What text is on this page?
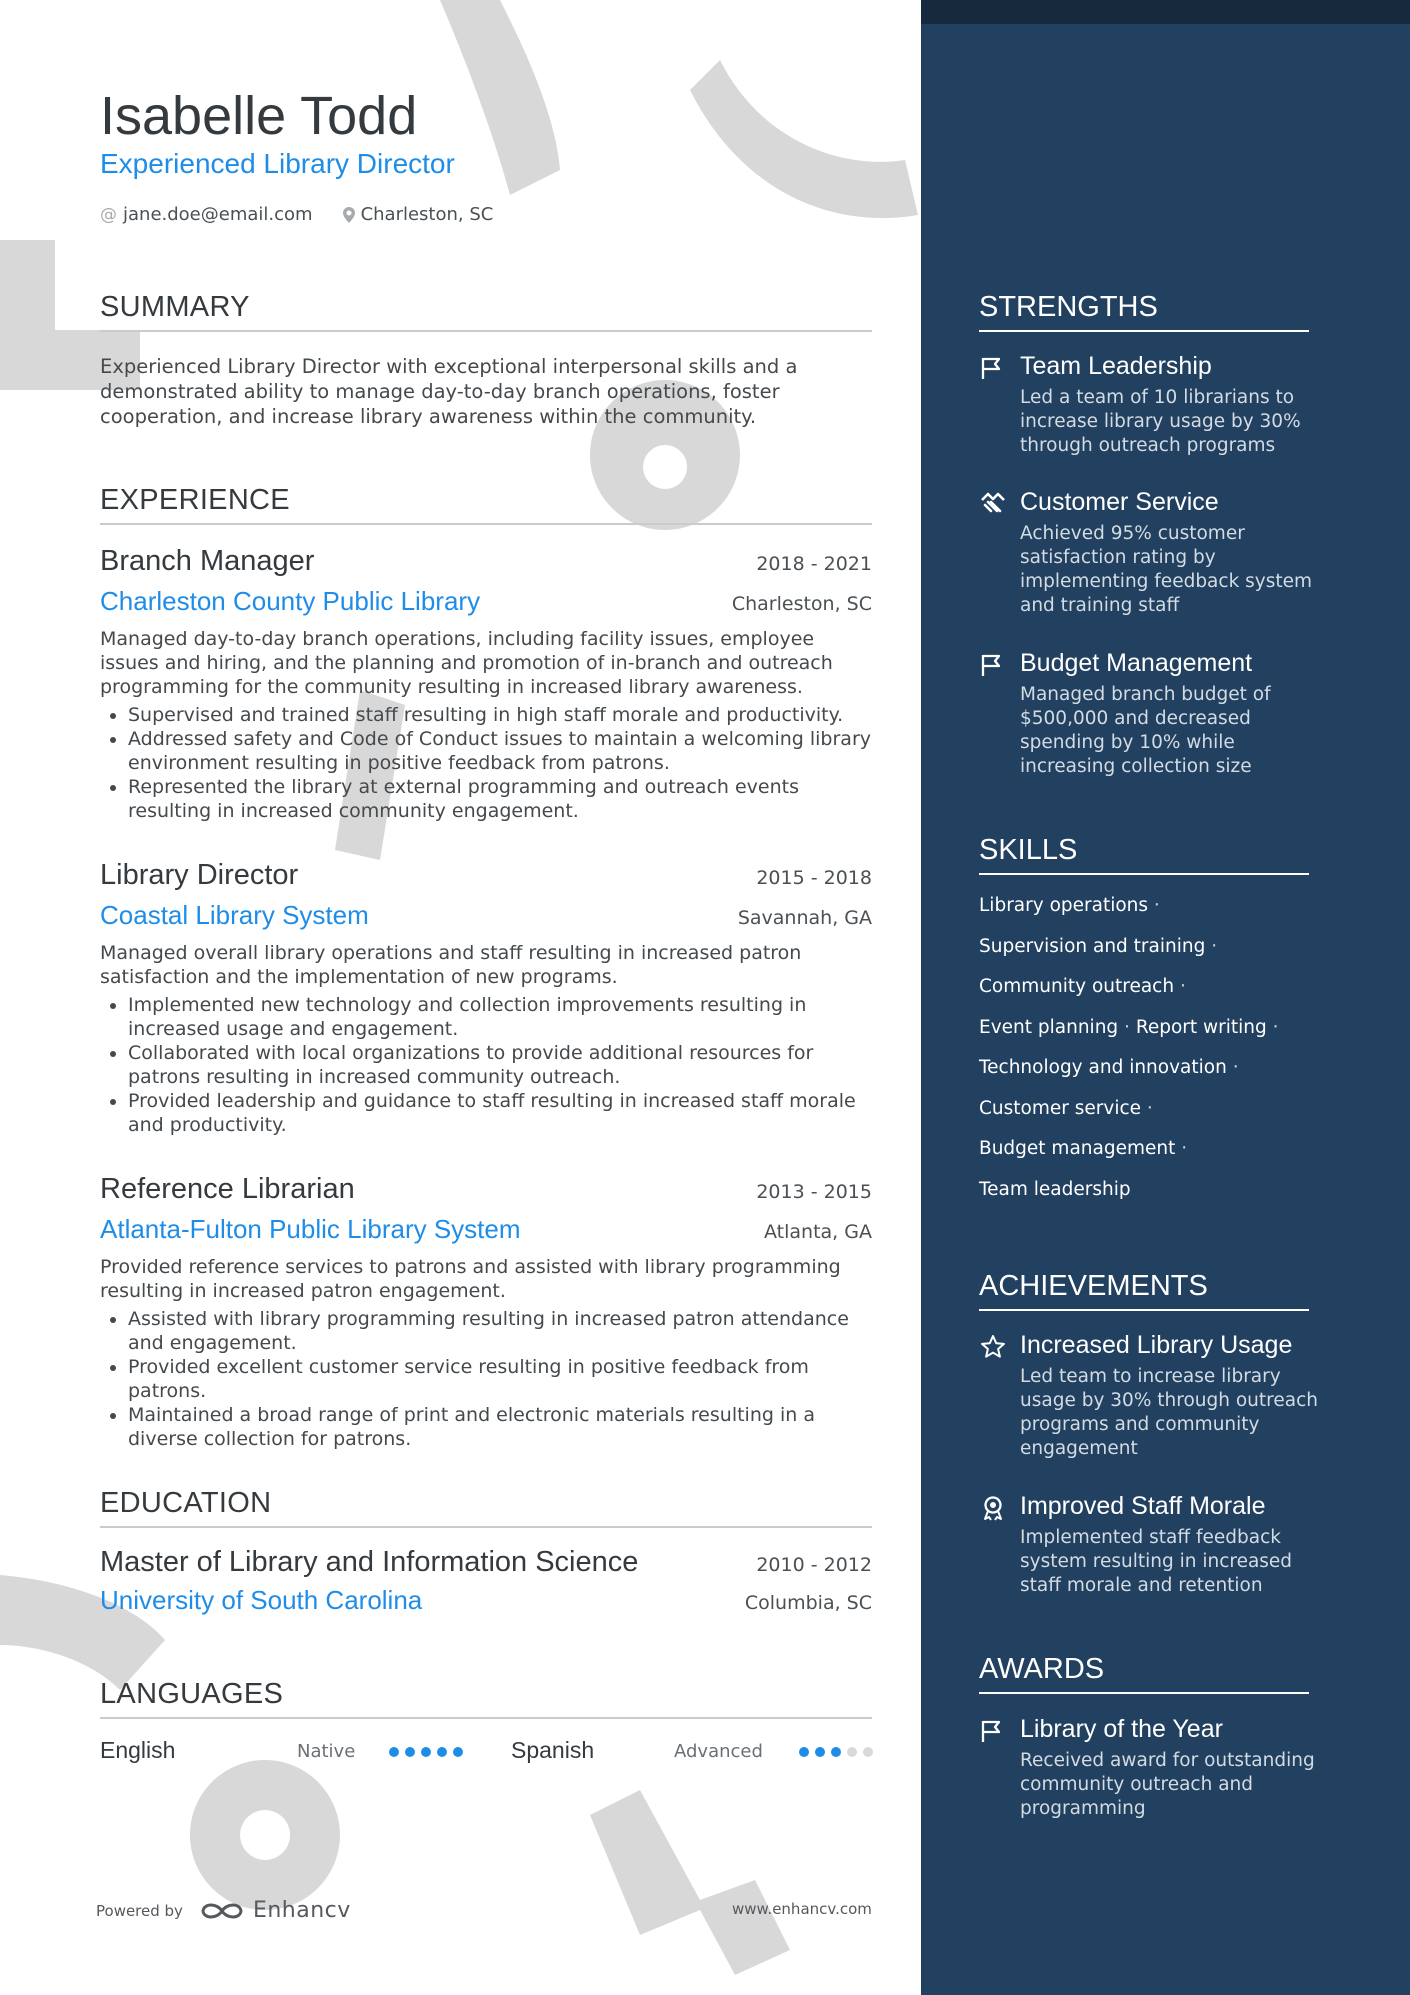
Isabelle Todd
Experienced Library Director
@ jane.doe@email.com	Charleston, SC
SUMMARY
Experienced Library Director with exceptional interpersonal skills and a demonstrated ability to manage day-to-day branch operations, foster cooperation, and increase library awareness within the community.
EXPERIENCE
Branch Manager	2018 - 2021
Charleston County Public Library	Charleston, SC
Managed day-to-day branch operations, including facility issues, employee issues and hiring, and the planning and promotion of in-branch and outreach programming for the community resulting in increased library awareness.
• Supervised and trained staff resulting in high staff morale and productivity.
• Addressed safety and Code of Conduct issues to maintain a welcoming library environment resulting in positive feedback from patrons.
• Represented the library at external programming and outreach events resulting in increased community engagement.
Library Director	2015 - 2018
Coastal Library System	Savannah, GA
Managed overall library operations and staff resulting in increased patron satisfaction and the implementation of new programs.
• Implemented new technology and collection improvements resulting in increased usage and engagement.
• Collaborated with local organizations to provide additional resources for patrons resulting in increased community outreach.
• Provided leadership and guidance to staff resulting in increased staff morale and productivity.
Reference Librarian	2013 - 2015
Atlanta-Fulton Public Library System	Atlanta, GA
Provided reference services to patrons and assisted with library programming resulting in increased patron engagement.
• Assisted with library programming resulting in increased patron attendance and engagement.
• Provided excellent customer service resulting in positive feedback from patrons.
• Maintained a broad range of print and electronic materials resulting in a diverse collection for patrons.
EDUCATION
Master of Library and Information Science	2010 - 2012
University of South Carolina	Columbia, SC
LANGUAGES
English	Native	Spanish	Advanced
Powered by	Enhancv	www.enhancv.com
STRENGTHS
Team Leadership
Led a team of 10 librarians to increase library usage by 30% through outreach programs
Customer Service
Achieved 95% customer satisfaction rating by implementing feedback system and training staff
Budget Management
Managed branch budget of $500,000 and decreased spending by 10% while increasing collection size
SKILLS
Library operations ·
Supervision and training ·
Community outreach ·
Event planning · Report writing ·
Technology and innovation ·
Customer service ·
Budget management ·
Team leadership
ACHIEVEMENTS
Increased Library Usage
Led team to increase library usage by 30% through outreach programs and community engagement
Improved Staff Morale
Implemented staff feedback system resulting in increased staff morale and retention
AWARDS
Library of the Year
Received award for outstanding community outreach and programming
